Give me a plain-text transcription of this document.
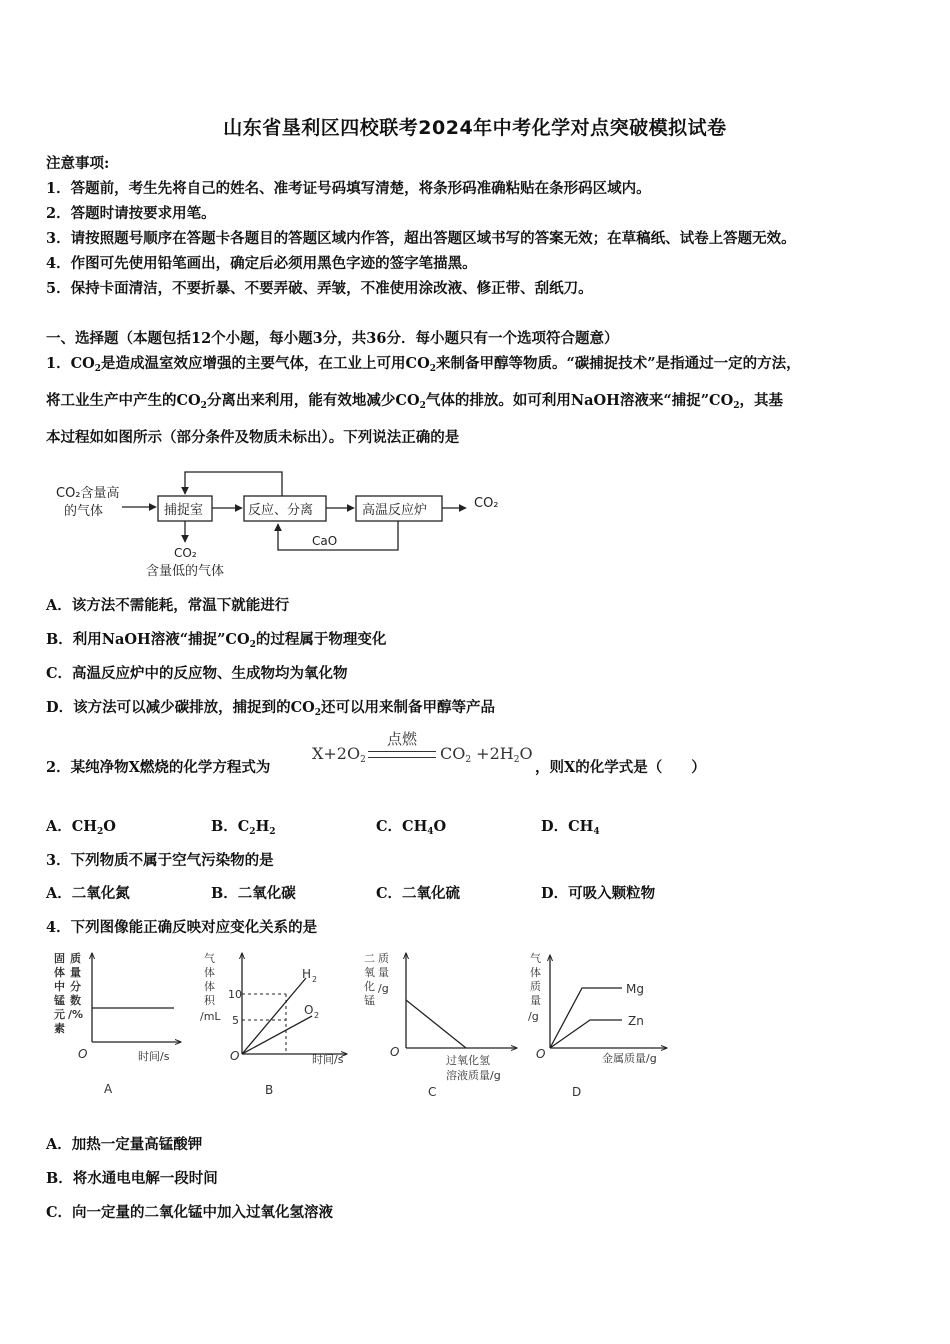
山东省垦利区四校联考2024年中考化学对点突破模拟试卷
注意事项:
1．答题前，考生先将自己的姓名、准考证号码填写清楚，将条形码准确粘贴在条形码区域内。
2．答题时请按要求用笔。
3．请按照题号顺序在答题卡各题目的答题区域内作答，超出答题区域书写的答案无效；在草稿纸、试卷上答题无效。
4．作图可先使用铅笔画出，确定后必须用黑色字迹的签字笔描黑。
5．保持卡面清洁，不要折暴、不要弄破、弄皱，不准使用涂改液、修正带、刮纸刀。
一、选择题（本题包括12个小题，每小题3分，共36分．每小题只有一个选项符合题意）
1．$CO_2$是造成温室效应增强的主要气体，在工业上可用$CO_2$来制备甲醇等物质。“碳捕捉技术”是指通过一定的方法，
将工业生产中产生的$CO_2$分离出来利用，能有效地减少$CO_2$气体的排放。如可利用NaOH溶液来“捕捉$”CO_2$，其基
本过程如如图所示（部分条件及物质未标出）。下列说法正确的是
CO₂含量高
的气体	捕捉室	反应、分离	高温反应炉	CO₂
CaO
CO₂
含量低的气体
A．该方法不需能耗，常温下就能进行
B．利用NaOH溶液“捕捉$”CO_2$的过程属于物理变化
C．高温反应炉中的反应物、生成物均为氧化物
D．该方法可以减少碳排放，捕捉到的$CO_2$还可以用来制备甲醇等产品
2．某纯净物X燃烧的化学方程式为
$X+2O_2$
点燃
$CO_2 +2H_2O$
，则X的化学式是（　　）
A．$CH_2O$	B．$C_2H_2$	C．$CH_4O$	D．$CH_4$
3．下列物质不属于空气污染物的是
A．二氧化氮	B．二氧化碳	C．二氧化硫	D．可吸入颗粒物
4．下列图像能正确反映对应变化关系的是
固
体
中
锰
元
素
质
量
分
数
/%
O	时间/s
A
气
体
体
积
/mL
10
5
H 2
O 2
O	时间/s
B
二
氧
化
锰
质
量
/g
O
过氧化氢
溶液质量/g
C
气
体
质
量
/g
Mg
Zn
O	金属质量/g
D
A．加热一定量高锰酸钾
B．将水通电电解一段时间
C．向一定量的二氧化锰中加入过氧化氢溶液
